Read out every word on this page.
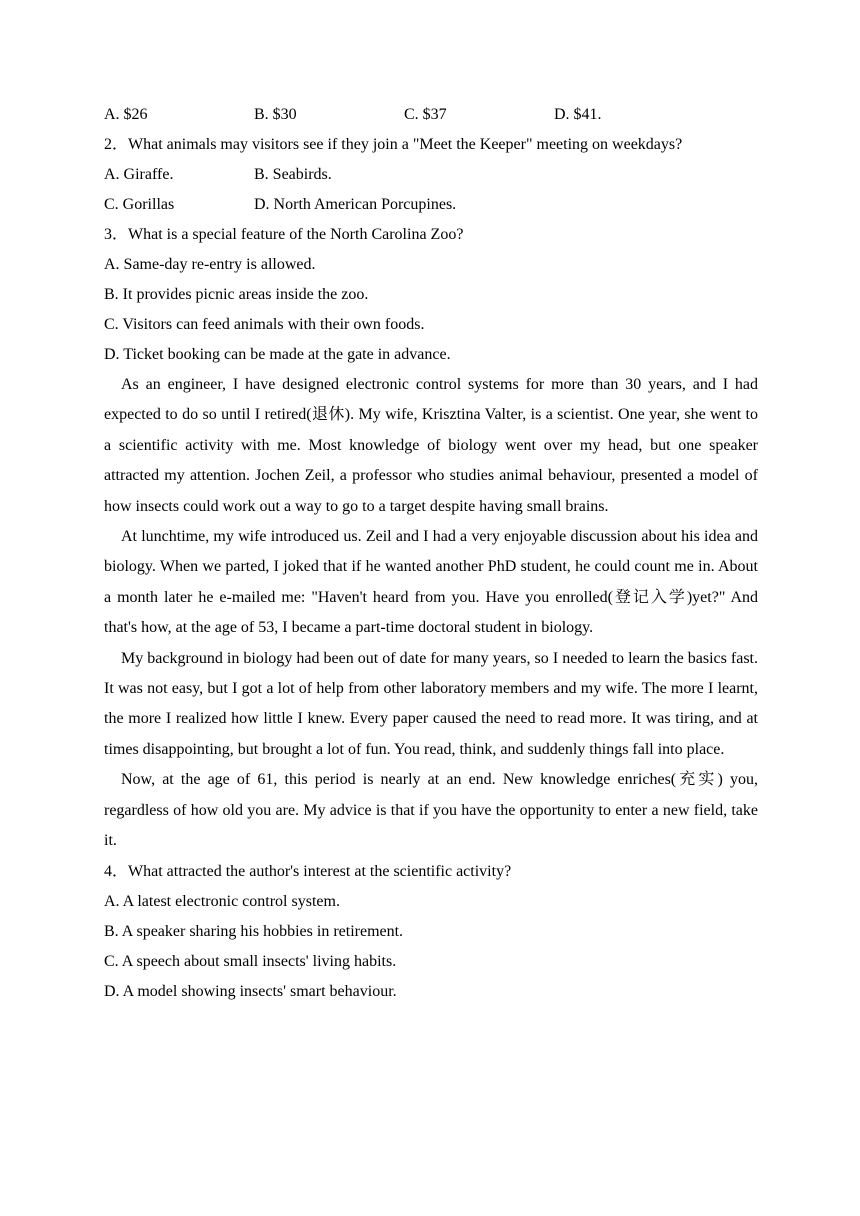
A. $26	B. $30	C. $37	D. $41.
2．What animals may visitors see if they join a "Meet the Keeper" meeting on weekdays?
A. Giraffe.	B. Seabirds.
C. Gorillas	D. North American Porcupines.
3．What is a special feature of the North Carolina Zoo?
A. Same-day re-entry is allowed.
B. It provides picnic areas inside the zoo.
C. Visitors can feed animals with their own foods.
D. Ticket booking can be made at the gate in advance.

As an engineer, I have designed electronic control systems for more than 30 years, and I had expected to do so until I retired(退休). My wife, Krisztina Valter, is a scientist. One year, she went to a scientific activity with me. Most knowledge of biology went over my head, but one speaker attracted my attention. Jochen Zeil, a professor who studies animal behaviour, presented a model of how insects could work out a way to go to a target despite having small brains.

At lunchtime, my wife introduced us. Zeil and I had a very enjoyable discussion about his idea and biology. When we parted, I joked that if he wanted another PhD student, he could count me in. About a month later he e-mailed me: "Haven't heard from you. Have you enrolled(登记入学)yet?" And that's how, at the age of 53, I became a part-time doctoral student in biology.

My background in biology had been out of date for many years, so I needed to learn the basics fast. It was not easy, but I got a lot of help from other laboratory members and my wife. The more I learnt, the more I realized how little I knew. Every paper caused the need to read more. It was tiring, and at times disappointing, but brought a lot of fun. You read, think, and suddenly things fall into place.

Now, at the age of 61, this period is nearly at an end. New knowledge enriches(充实) you, regardless of how old you are. My advice is that if you have the opportunity to enter a new field, take it.

4．What attracted the author's interest at the scientific activity?
A. A latest electronic control system.
B. A speaker sharing his hobbies in retirement.
C. A speech about small insects' living habits.
D. A model showing insects' smart behaviour.
